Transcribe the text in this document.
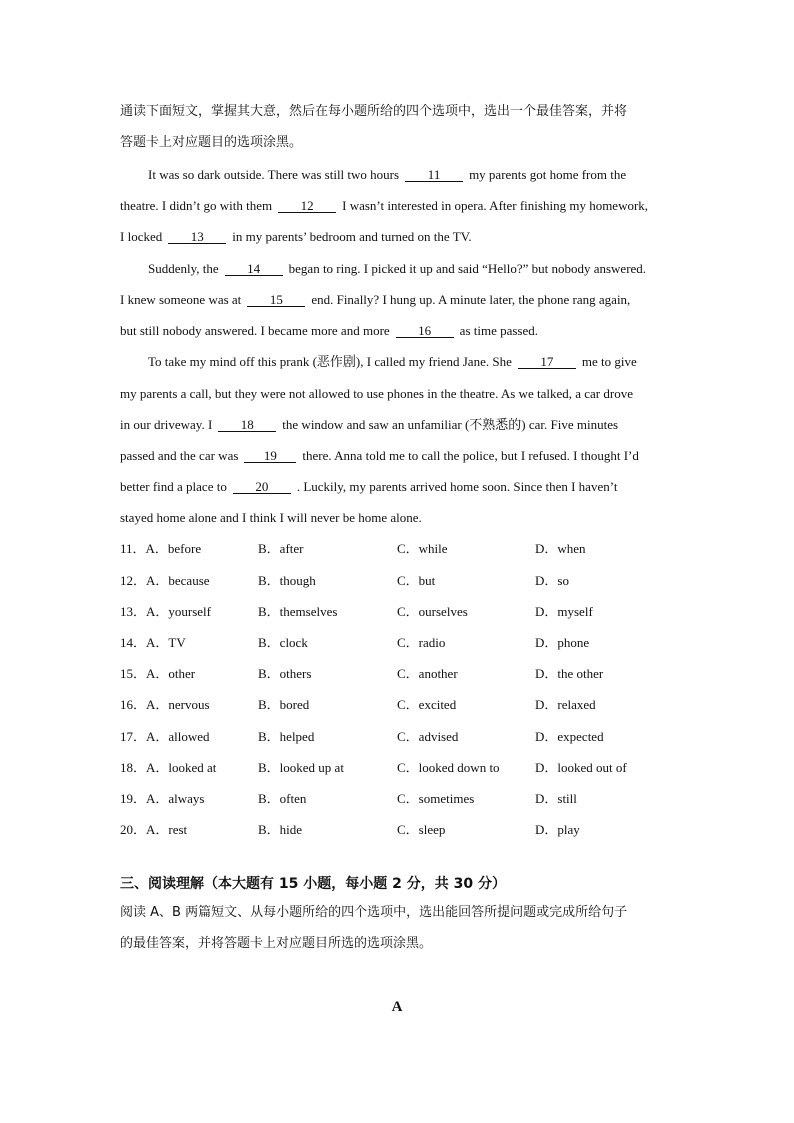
通读下面短文，掌握其大意，然后在每小题所给的四个选项中，选出一个最佳答案，并将
答题卡上对应题目的选项涂黑。
It was so dark outside. There was still two hours 11 my parents got home from the
theatre. I didn’t go with them 12 I wasn’t interested in opera. After finishing my homework,
I locked 13 in my parents’ bedroom and turned on the TV.
Suddenly, the 14 began to ring. I picked it up and said “Hello?” but nobody answered.
I knew someone was at 15 end. Finally? I hung up. A minute later, the phone rang again,
but still nobody answered. I became more and more 16 as time passed.
To take my mind off this prank (恶作剧), I called my friend Jane. She 17 me to give
my parents a call, but they were not allowed to use phones in the theatre. As we talked, a car drove
in our driveway. I 18 the window and saw an unfamiliar (不熟悉的) car. Five minutes
passed and the car was 19 there. Anna told me to call the police, but I refused. I thought I’d
better find a place to 20 . Luckily, my parents arrived home soon. Since then I haven’t
stayed home alone and I think I will never be home alone.
11．A．before	B．after	C．while	D．when
12．A．because	B．though	C．but	D．so
13．A．yourself	B．themselves	C．ourselves	D．myself
14．A．TV	B．clock	C．radio	D．phone
15．A．other	B．others	C．another	D．the other
16．A．nervous	B．bored	C．excited	D．relaxed
17．A．allowed	B．helped	C．advised	D．expected
18．A．looked at	B．looked up at	C．looked down to	D．looked out of
19．A．always	B．often	C．sometimes	D．still
20．A．rest	B．hide	C．sleep	D．play
三、阅读理解（本大题有 15 小题，每小题 2 分，共 30 分）
阅读 A、B 两篇短文、从每小题所给的四个选项中，选出能回答所提问题或完成所给句子
的最佳答案，并将答题卡上对应题目所选的选项涂黑。
A
